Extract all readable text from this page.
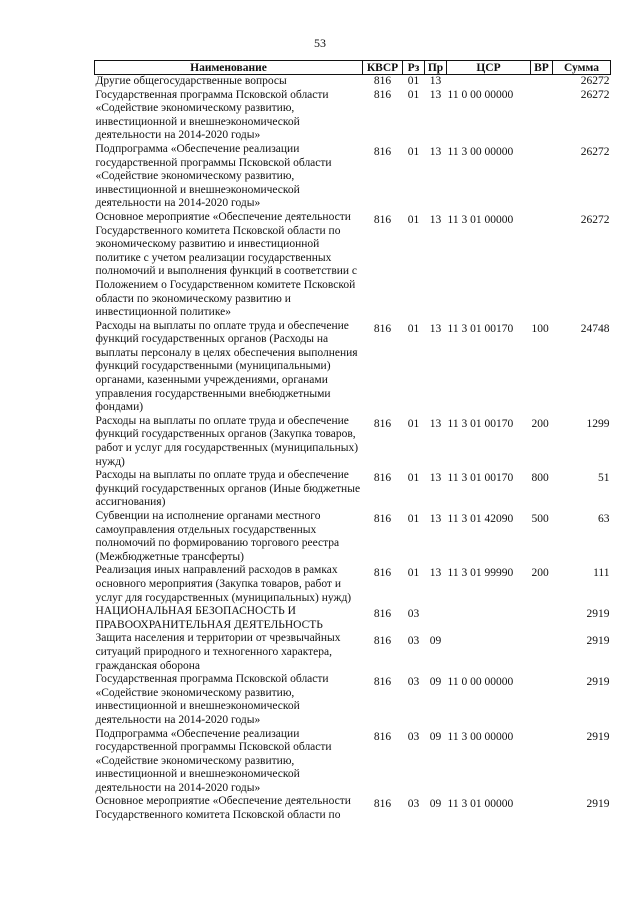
53
Наименование	КВСР	Рз	Пр	ЦСР	ВР	Сумма
Другие общегосударственные вопросы	816	01	13			26272
Государственная программа Псковской области «Содействие экономическому развитию, инвестиционной и внешнеэкономической деятельности на 2014-2020 годы»	816	01	13	11 0 00 00000		26272
Подпрограмма «Обеспечение реализации государственной программы Псковской области «Содействие экономическому развитию, инвестиционной и внешнеэкономической деятельности на 2014-2020 годы»	816	01	13	11 3 00 00000		26272
Основное мероприятие «Обеспечение деятельности Государственного комитета Псковской области по экономическому развитию и инвестиционной политике с учетом реализации государственных полномочий и выполнения функций в соответствии с Положением о Государственном комитете Псковской области по экономическому развитию и инвестиционной политике»	816	01	13	11 3 01 00000		26272
Расходы на выплаты по оплате труда и обеспечение функций государственных органов (Расходы на выплаты персоналу в целях обеспечения выполнения функций государственными (муниципальными) органами, казенными учреждениями, органами управления государственными внебюджетными фондами)	816	01	13	11 3 01 00170	100	24748
Расходы на выплаты по оплате труда и обеспечение функций государственных органов (Закупка товаров, работ и услуг для государственных (муниципальных) нужд)	816	01	13	11 3 01 00170	200	1299
Расходы на выплаты по оплате труда и обеспечение функций государственных органов (Иные бюджетные ассигнования)	816	01	13	11 3 01 00170	800	51
Субвенции на исполнение органами местного самоуправления отдельных государственных полномочий по формированию торгового реестра (Межбюджетные трансферты)	816	01	13	11 3 01 42090	500	63
Реализация иных направлений расходов в рамках основного мероприятия (Закупка товаров, работ и услуг для государственных (муниципальных) нужд)	816	01	13	11 3 01 99990	200	111
НАЦИОНАЛЬНАЯ БЕЗОПАСНОСТЬ И ПРАВООХРАНИТЕЛЬНАЯ ДЕЯТЕЛЬНОСТЬ	816	03				2919
Защита населения и территории от чрезвычайных ситуаций природного и техногенного характера, гражданская оборона	816	03	09			2919
Государственная программа Псковской области «Содействие экономическому развитию, инвестиционной и внешнеэкономической деятельности на 2014-2020 годы»	816	03	09	11 0 00 00000		2919
Подпрограмма «Обеспечение реализации государственной программы Псковской области «Содействие экономическому развитию, инвестиционной и внешнеэкономической деятельности на 2014-2020 годы»	816	03	09	11 3 00 00000		2919
Основное мероприятие «Обеспечение деятельности Государственного комитета Псковской области по	816	03	09	11 3 01 00000		2919
